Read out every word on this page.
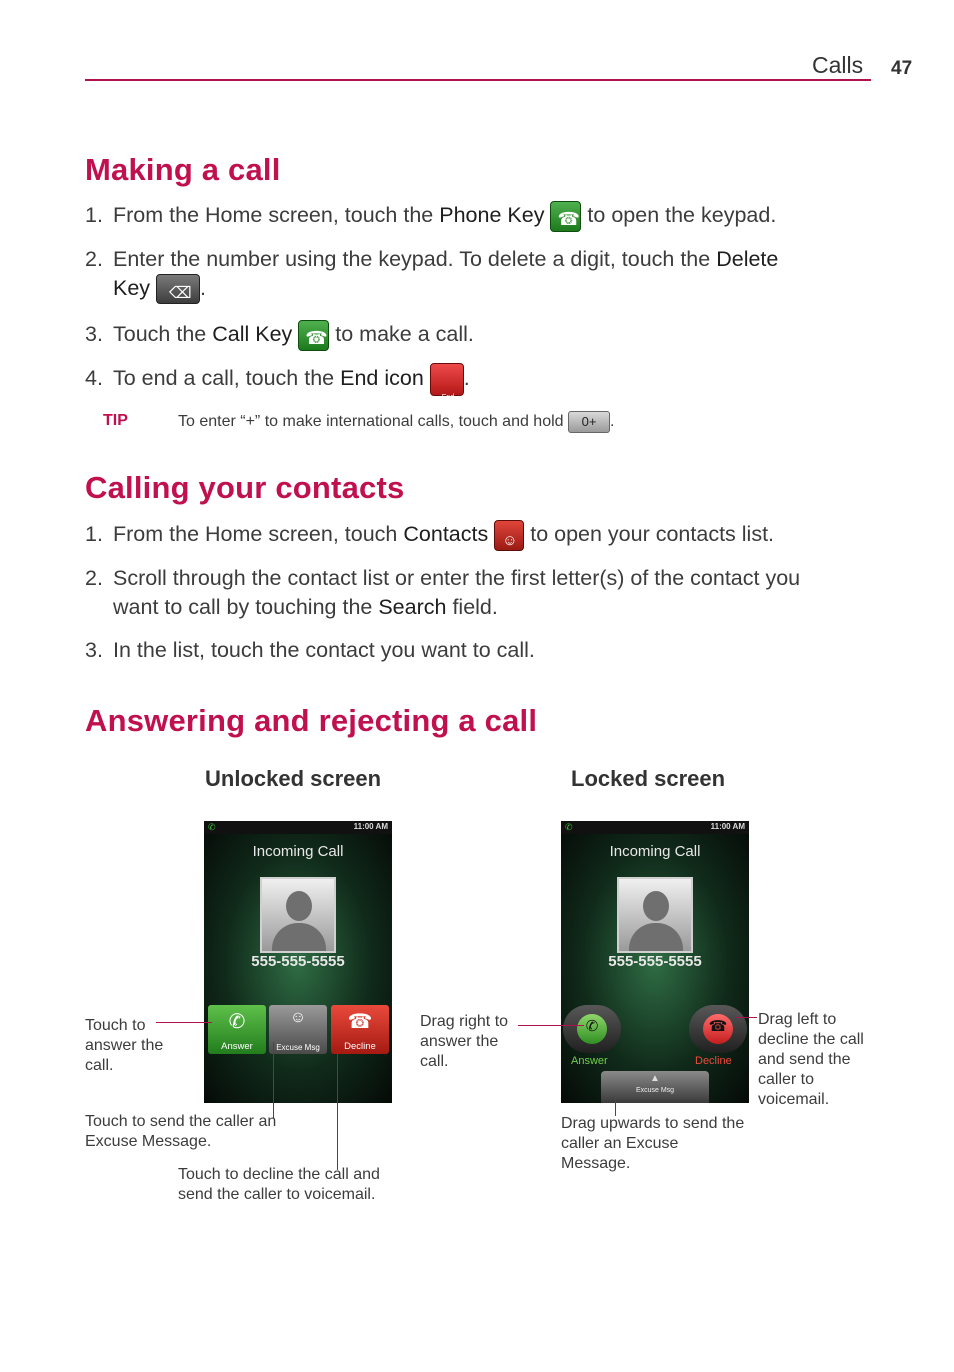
Calls 47
Making a call
1. From the Home screen, touch the Phone Key ☎ to open the keypad.
2. Enter the number using the keypad. To delete a digit, touch the Delete
Key ⌫ .
3. Touch the Call Key ☎ to make a call.
4. To end a call, touch the End icon End .
TIP	To enter “+” to make international calls, touch and hold 0+ .
Calling your contacts
1. From the Home screen, touch Contacts ☺ to open your contacts list.
2. Scroll through the contact list or enter the first letter(s) of the contact you
want to call by touching the Search field.
3. In the list, touch the contact you want to call.
Answering and rejecting a call
Unlocked screen	Locked screen
✆	11:00 AM
Incoming Call
555-555-5555
✆
Answer
☺
Excuse Msg
☎
Decline
✆	11:00 AM
Incoming Call
555-555-5555
✆	☎
Answer	Decline
▲
Excuse Msg
Touch to answer the call.
Touch to send the caller an Excuse Message.
Touch to decline the call and send the caller to voicemail.
Drag right to answer the call.
Drag left to decline the call and send the caller to voicemail.
Drag upwards to send the caller an Excuse Message.
